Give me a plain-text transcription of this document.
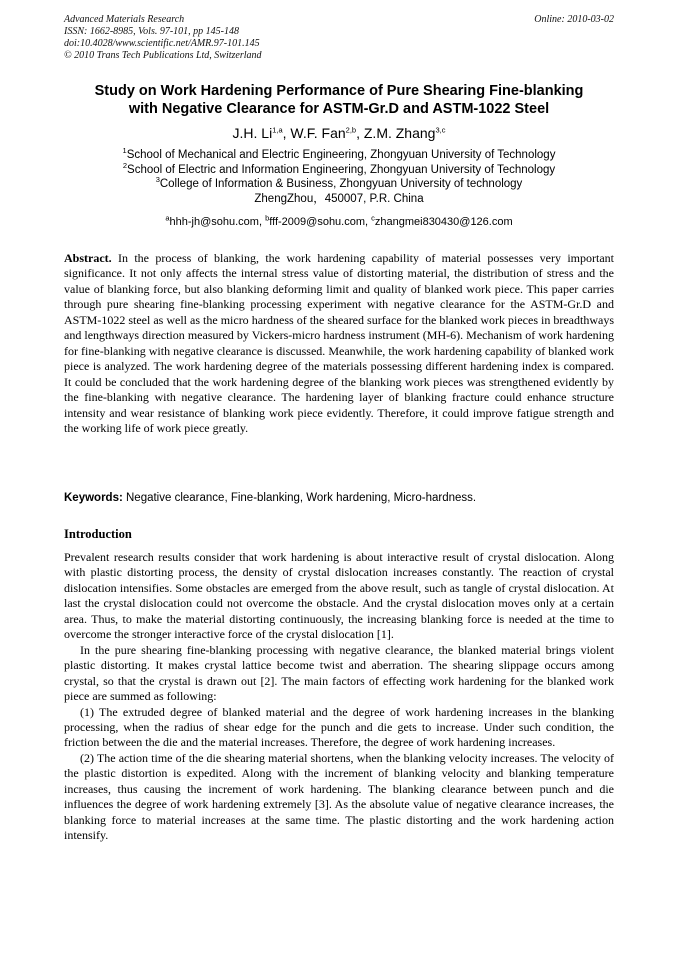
Advanced Materials Research
ISSN: 1662-8985, Vols. 97-101, pp 145-148
doi:10.4028/www.scientific.net/AMR.97-101.145
© 2010 Trans Tech Publications Ltd, Switzerland
Online: 2010-03-02
Study on Work Hardening Performance of Pure Shearing Fine-blanking
with Negative Clearance for ASTM-Gr.D and ASTM-1022 Steel
J.H. Li$^{1,a}$, W.F. Fan$^{2,b}$, Z.M. Zhang$^{3,c}$
$^1$School of Mechanical and Electric Engineering, Zhongyuan University of Technology
$^2$School of Electric and Information Engineering, Zhongyuan University of Technology
$^3$College of Information & Business, Zhongyuan University of technology
ZhengZhou，450007, P.R. China
$^a$hhh-jh@sohu.com, $^b$fff-2009@sohu.com, $^c$zhangmei830430@126.com

Abstract. In the process of blanking, the work hardening capability of material possesses very important significance. It not only affects the internal stress value of distorting material, the distribution of stress and the value of blanking force, but also blanking deforming limit and quality of blanked work piece. This paper carries through pure shearing fine-blanking processing experiment with negative clearance for the ASTM-Gr.D and ASTM-1022 steel as well as the micro hardness of the sheared surface for the blanked work pieces in breadthways and lengthways direction measured by Vickers-micro hardness instrument (MH-6). Mechanism of work hardening for fine-blanking with negative clearance is discussed. Meanwhile, the work hardening capability of blanked work piece is analyzed. The work hardening degree of the materials possessing different hardening index is compared. It could be concluded that the work hardening degree of the blanking work pieces was strengthened evidently by the fine-blanking with negative clearance. The hardening layer of blanking fracture could enhance structure intensity and wear resistance of blanking work piece evidently. Therefore, it could improve fatigue strength and the working life of work piece greatly.

Keywords: Negative clearance, Fine-blanking, Work hardening, Micro-hardness.
Introduction

Prevalent research results consider that work hardening is about interactive result of crystal dislocation. Along with plastic distorting process, the density of crystal dislocation increases constantly. The reaction of crystal dislocation intensifies. Some obstacles are emerged from the above result, such as tangle of crystal dislocation. At last the crystal dislocation could not overcome the obstacle. And the crystal dislocation moves only at a certain area. Thus, to make the material distorting continuously, the increasing blanking force is needed at the time to overcome the stronger interactive force of the crystal dislocation [1].

In the pure shearing fine-blanking processing with negative clearance, the blanked material brings violent plastic distorting. It makes crystal lattice become twist and aberration. The shearing slippage occurs among crystal, so that the crystal is drawn out [2]. The main factors of effecting work hardening for the blanked work piece are summed as following:

(1) The extruded degree of blanked material and the degree of work hardening increases in the blanking processing, when the radius of shear edge for the punch and die gets to increase. Under such condition, the friction between the die and the material increases. Therefore, the degree of work hardening increases.

(2) The action time of the die shearing material shortens, when the blanking velocity increases. The velocity of the plastic distortion is expedited. Along with the increment of blanking velocity and blanking temperature increases, thus causing the increment of work hardening. The blanking clearance between punch and die influences the degree of work hardening extremely [3]. As the absolute value of negative clearance increases, the blanking force to material increases at the same time. The plastic distorting and the work hardening action intensify.
